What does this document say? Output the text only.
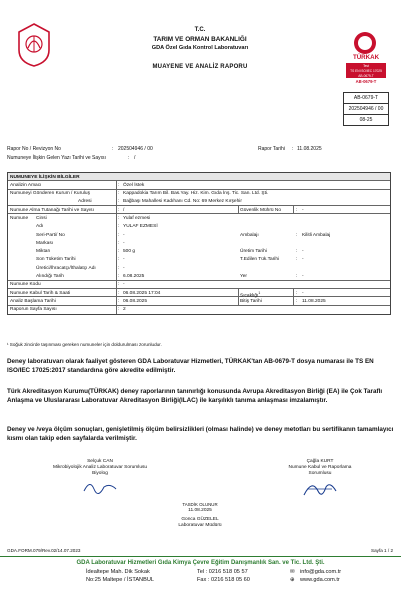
T.C.
TARIM VE ORMAN BAKANLIĞI
GDA Özel Gıda Kontrol Laboratuvarı
MUAYENE VE ANALİZ RAPORU
TÜRKAK
Test
TS EN ISO/IEC 17025
AB-0679-T
AB-0679-T
AB-0679-T
202504946 / 00
08-25
Rapor No / Revizyon No	: 202504946 / 00	Rapor Tarihi : 11.08.2025
Numuneye İlişkin Gelen Yazı Tarihi ve Sayısı	: /
NUMUNEYE İLİŞKİN BİLGİLER
Analizin Amacı	: Özel İstek
Numuneyi Gönderen Kurum / Kuruluş	: Kappadokia Tarım Bil. Bas.Yay. Hiz. Kim. Gıda İnş. Tic. San. Ltd. Şti.
Adresi	: Bağbaşı Mahallesi Kadıhanı Cd. No: 69 Merkez Kırşehir
Numune Alma Tutanağı Tarihi ve Sayısı	: /	Güvenlik Mührü No	: -
Numune Cinsi	: Yulaf ezmesi
Adı	: YULAF EZMESİ
Seri-Parti/ No	: -	Ambalajı	: Kilitli Ambalaj
Markası	: -
Miktarı	: 500 g	Üretim Tarihi	: -
Son Tüketim Tarihi	: -	T.Edilen Tük.Tarihi	: -
Üretici/İhracatçı/İthalatçı Adı	: -
Alındığı Tarih	: 6.08.2025	Yer	: -
Numune Kodu	: -
Numune Kabul Tarih & Saati	: 06.08.2025 17:04
Sıcaklığı$^1$	: -
Analiz Başlama Tarihi	: 06.08.2025	Bitiş Tarihi	: 11.08.2025
Raporun Sayfa Sayısı	: 2
¹ Soğuk zincirde taşınması gereken numuneler için doldurulması zorunludur.
Deney laboratuvarı olarak faaliyet gösteren GDA Laboratuvar Hizmetleri, TÜRKAK'tan AB-0679-T dosya numarası ile TS EN ISO/IEC 17025:2017 standardına göre akredite edilmiştir.
Türk Akreditasyon Kurumu(TÜRKAK) deney raporlarının tanınırlığı konusunda Avrupa Akreditasyon Birliği (EA) ile Çok Taraflı Anlaşma ve Uluslararası Laboratuvar Akreditasyon Birliği(ILAC) ile karşılıklı tanıma anlaşması imzalamıştır.
Deney ve /veya ölçüm sonuçları, genişletilmiş ölçüm belirsizlikleri (olması halinde) ve deney metotları bu sertifikanın tamamlayıcı kısmı olan takip eden sayfalarda verilmiştir.
Selçuk CAN
Mikrobiyolojik Analiz Laboratuvar Sorumlusu
Biyolog
Çağla KURT
Numune Kabul ve Raporlama
Sorumlusu
TASDİK OLUNUR
11.08.2025
Gonca GÜZELEL
Laboratuvar Müdürü
GDA.FORM.079/Rev.02/14.07.2023	Sayfa 1 / 2
GDA Laboratuvar Hizmetleri Gıda Kimya Çevre Eğitim Danışmanlık San. ve Tic. Ltd. Şti.
İdealtepe Mah. Dik Sokak
No:25 Maltepe / İSTANBUL
Tel : 0216 518 05 57
Fax : 0216 518 05 60
✉ info@gda.com.tr
⊕ www.gda.com.tr
